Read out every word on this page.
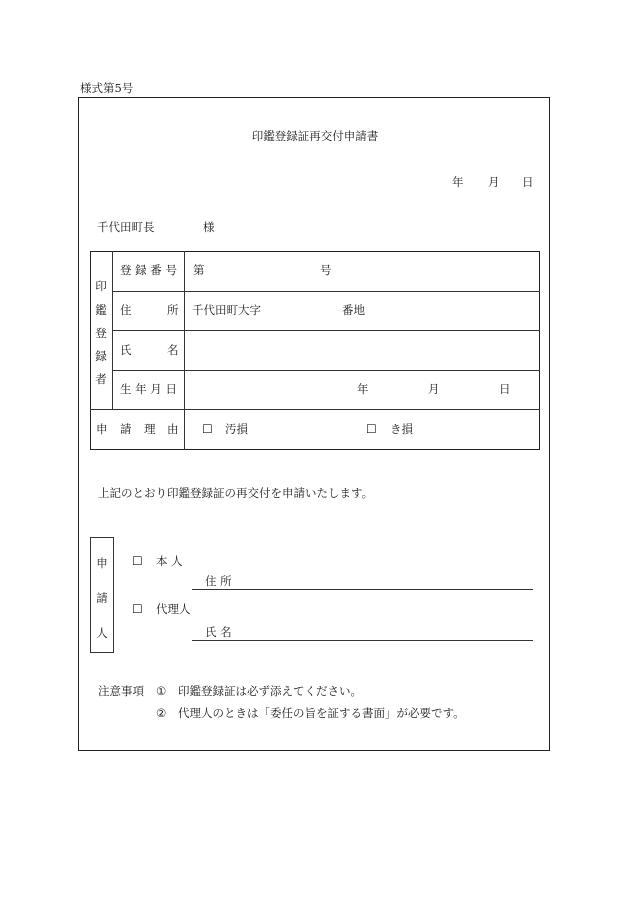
様式第5号
印鑑登録証再交付申請書
年 月 日
千代田町長	様
印
鑑
登
録
者
登 録 番 号 第	号
住	所 千代田町大字	番地
氏	名
生 年 月 日	年	月	日
申 請 理 由 ☐ 汚損	☐ き損
上記のとおり印鑑登録証の再交付を申請いたします。
申
請
人
☐ 本 人
住 所
☐ 代理人
氏 名
注意事項 ① 印鑑登録証は必ず添えてください。
② 代理人のときは「委任の旨を証する書面」が必要です。
